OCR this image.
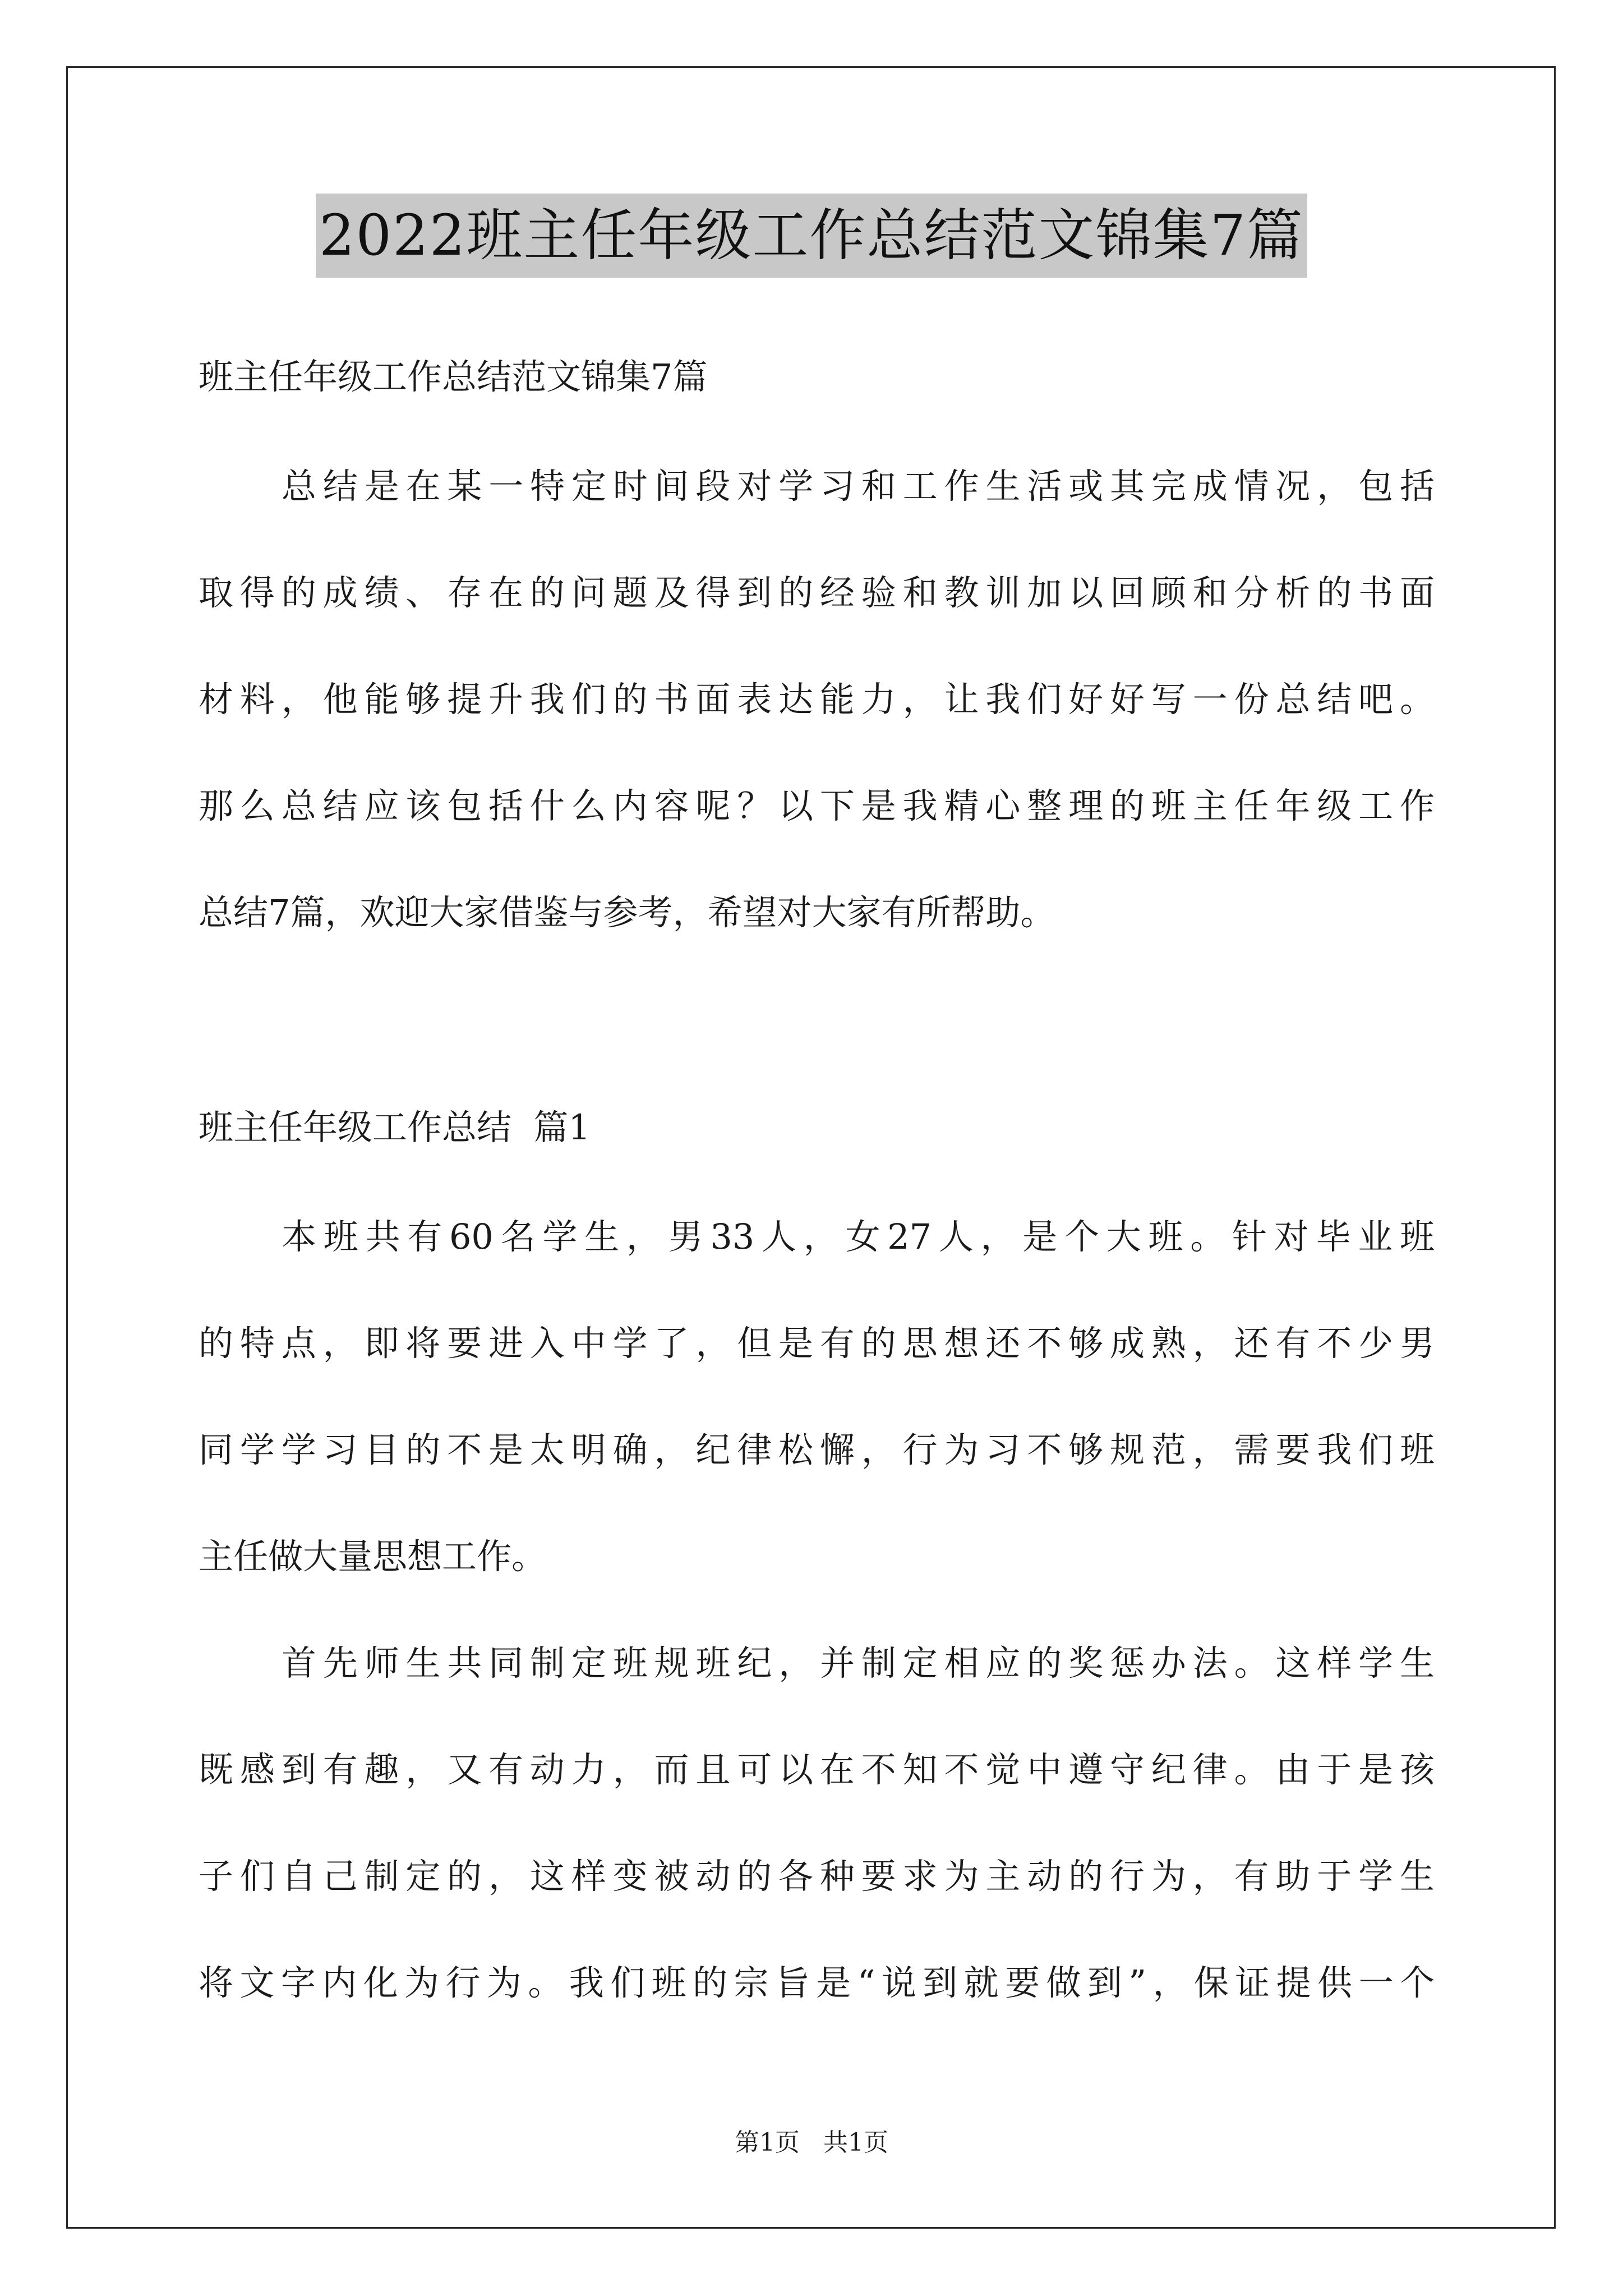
2022班主任年级工作总结范文锦集7篇
班主任年级工作总结范文锦集7篇
总结是在某一特定时间段对学习和工作生活或其完成情况，包括
取得的成绩、存在的问题及得到的经验和教训加以回顾和分析的书面
材料，他能够提升我们的书面表达能力，让我们好好写一份总结吧。
那么总结应该包括什么内容呢？以下是我精心整理的班主任年级工作
总结7篇，欢迎大家借鉴与参考，希望对大家有所帮助。
班主任年级工作总结  篇1
本班共有60名学生，男33人，女27人，是个大班。针对毕业班
的特点，即将要进入中学了，但是有的思想还不够成熟，还有不少男
同学学习目的不是太明确，纪律松懈，行为习不够规范，需要我们班
主任做大量思想工作。
首先师生共同制定班规班纪，并制定相应的奖惩办法。这样学生
既感到有趣，又有动力，而且可以在不知不觉中遵守纪律。由于是孩
子们自己制定的，这样变被动的各种要求为主动的行为，有助于学生
将文字内化为行为。我们班的宗旨是“说到就要做到”，保证提供一个
第1页 共1页
